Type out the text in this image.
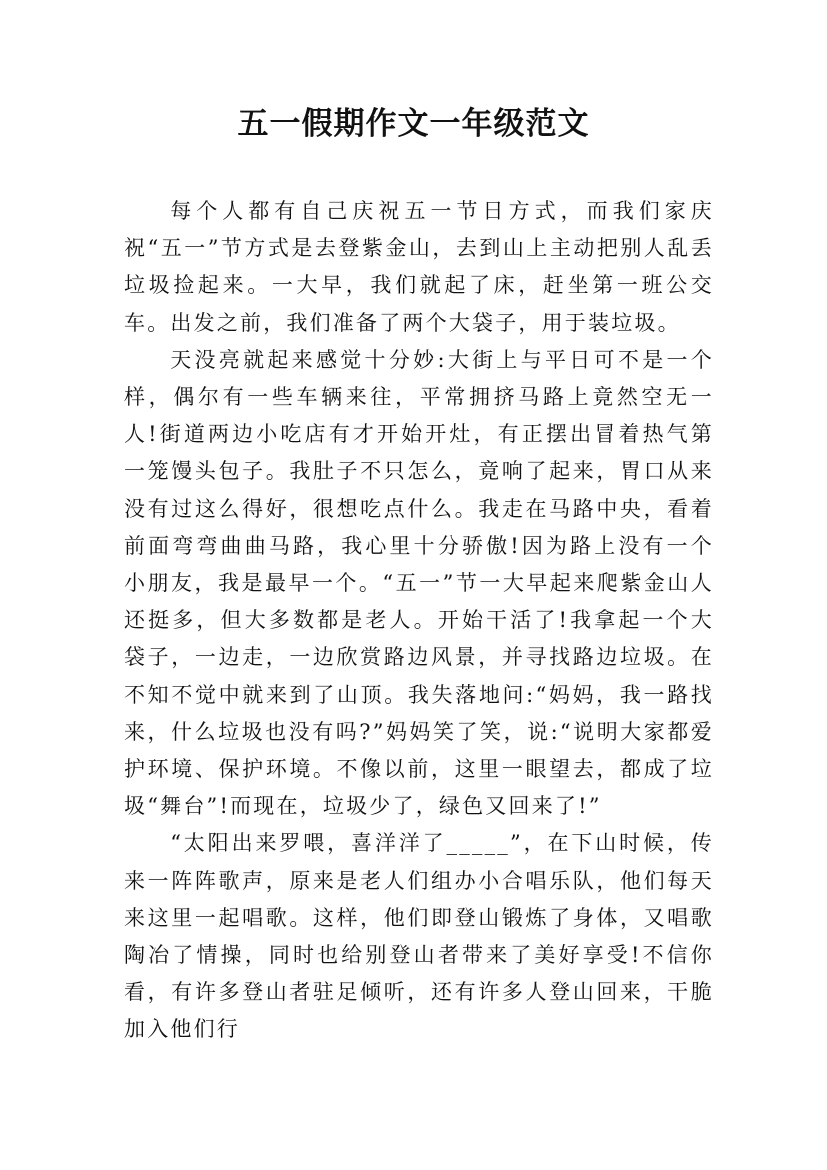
五一假期作文一年级范文

每个人都有自己庆祝五一节日方式，而我们家庆祝“五一”节方式是去登紫金山，去到山上主动把别人乱丢垃圾捡起来。一大早，我们就起了床，赶坐第一班公交车。出发之前，我们准备了两个大袋子，用于装垃圾。

天没亮就起来感觉十分妙:大街上与平日可不是一个样，偶尔有一些车辆来往，平常拥挤马路上竟然空无一人!街道两边小吃店有才开始开灶，有正摆出冒着热气第一笼馒头包子。我肚子不只怎么，竟响了起来，胃口从来没有过这么得好，很想吃点什么。我走在马路中央，看着前面弯弯曲曲马路，我心里十分骄傲!因为路上没有一个小朋友，我是最早一个。“五一”节一大早起来爬紫金山人还挺多，但大多数都是老人。开始干活了!我拿起一个大袋子，一边走，一边欣赏路边风景，并寻找路边垃圾。在不知不觉中就来到了山顶。我失落地问:“妈妈，我一路找来，什么垃圾也没有吗?”妈妈笑了笑，说:“说明大家都爱护环境、保护环境。不像以前，这里一眼望去，都成了垃圾“舞台”!而现在，垃圾少了，绿色又回来了!”

“太阳出来罗喂，喜洋洋了_____”，在下山时候，传来一阵阵歌声，原来是老人们组办小合唱乐队，他们每天来这里一起唱歌。这样，他们即登山锻炼了身体，又唱歌陶冶了情操，同时也给别登山者带来了美好享受!不信你看，有许多登山者驻足倾听，还有许多人登山回来，干脆加入他们行
